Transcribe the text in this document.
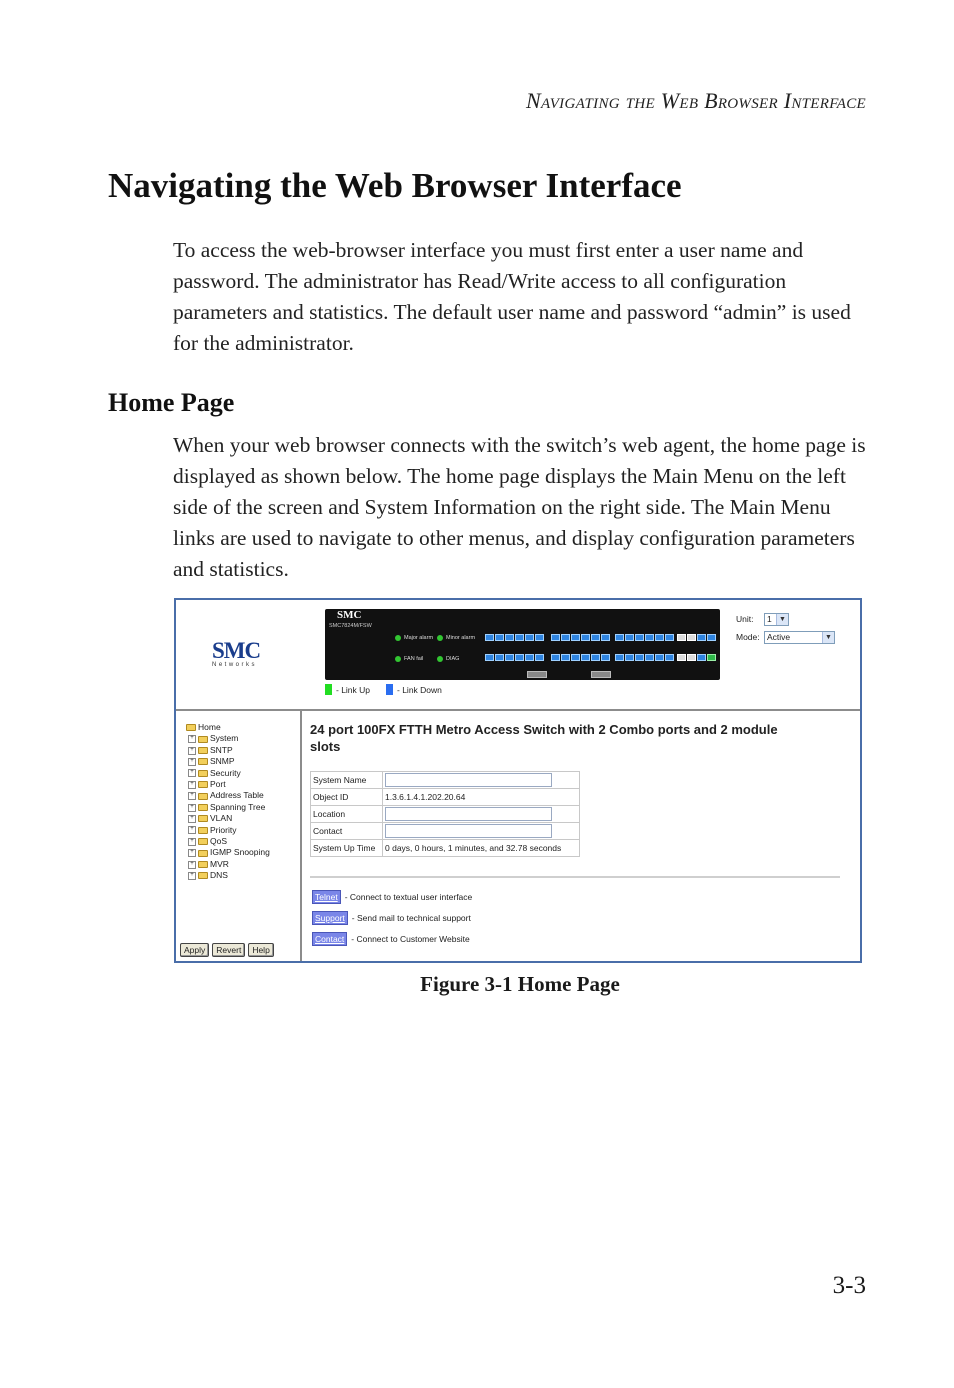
Navigating the Web Browser Interface
Navigating the Web Browser Interface

To access the web-browser interface you must first enter a user name and password. The administrator has Read/Write access to all configuration parameters and statistics. The default user name and password “admin” is used for the administrator.

Home Page

When your web browser connects with the switch’s web agent, the home page is displayed as shown below. The home page displays the Main Menu on the left side of the screen and System Information on the right side. The Main Menu links are used to navigate to other menus, and display configuration parameters and statistics.

SMC
Networks
SMC
SMC7824M/FSW
Major alarm	Minor alarm
FAN fail	DIAG
- Link Up	- Link Down
Unit:	1	▼
Mode: Active	▼
Home
+ System
+ SNTP
+ SNMP
+ Security
+ Port
+ Address Table
+ Spanning Tree
+ VLAN
+ Priority
+ QoS
+ IGMP Snooping
+ MVR
+ DNS
Apply	Revert	Help
24 port 100FX FTTH Metro Access Switch with 2 Combo ports and 2 module slots
System Name	

Object ID	1.3.6.1.4.1.202.20.64
Location	

Contact	

System Up Time	0 days, 0 hours, 1 minutes, and 32.78 seconds
Telnet - Connect to textual user interface
Support - Send mail to technical support
Contact - Connect to Customer Website
Figure 3-1 Home Page
3-3
